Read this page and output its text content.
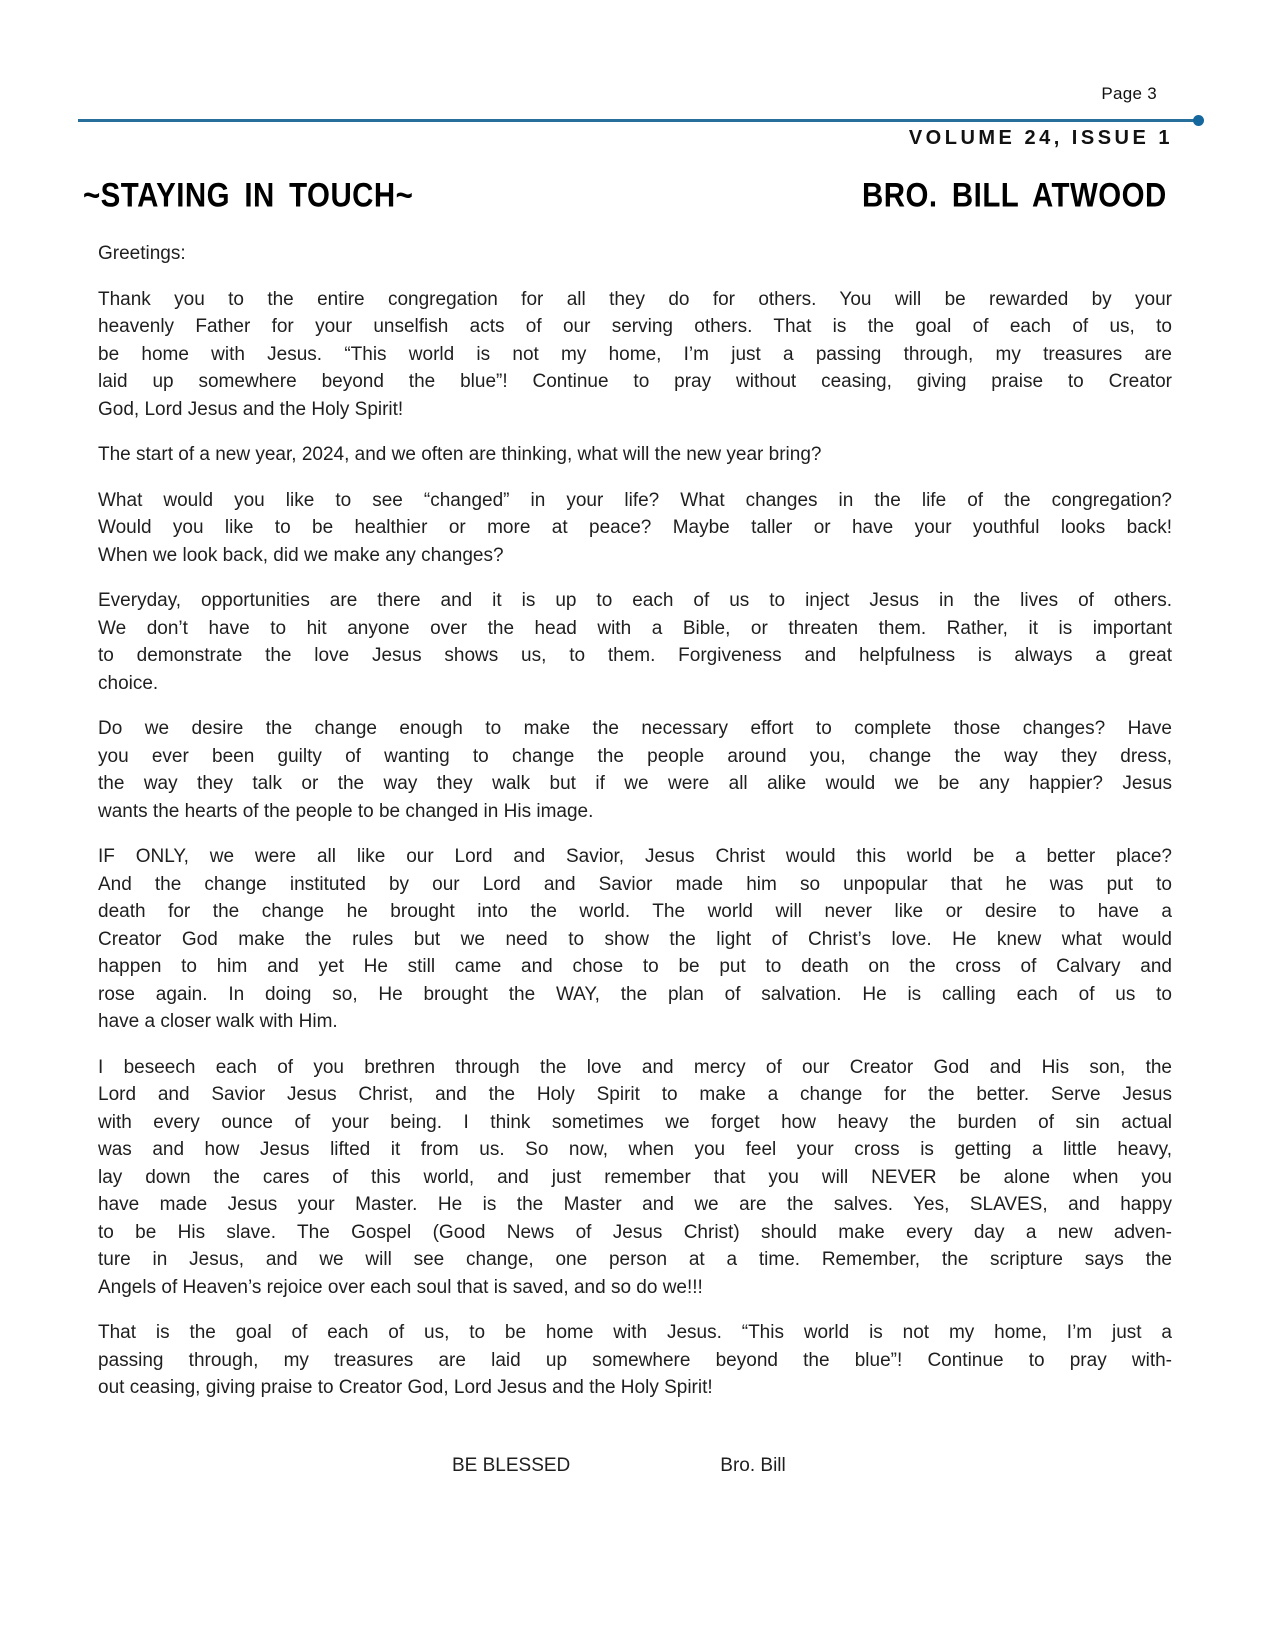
Page 3
VOLUME 24, ISSUE 1
~STAYING IN TOUCH~	BRO. BILL ATWOOD
Greetings:
Thank you to the entire congregation for all they do for others. You will be rewarded by your
heavenly Father for your unselfish acts of our serving others. That is the goal of each of us, to
be home with Jesus. “This world is not my home, I’m just a passing through, my treasures are
laid up somewhere beyond the blue”! Continue to pray without ceasing, giving praise to Creator
God, Lord Jesus and the Holy Spirit!
The start of a new year, 2024, and we often are thinking, what will the new year bring?
What would you like to see “changed” in your life? What changes in the life of the congregation?
Would you like to be healthier or more at peace? Maybe taller or have your youthful looks back!
When we look back, did we make any changes?
Everyday, opportunities are there and it is up to each of us to inject Jesus in the lives of others.
We don’t have to hit anyone over the head with a Bible, or threaten them. Rather, it is important
to demonstrate the love Jesus shows us, to them. Forgiveness and helpfulness is always a great
choice.
Do we desire the change enough to make the necessary effort to complete those changes? Have
you ever been guilty of wanting to change the people around you, change the way they dress,
the way they talk or the way they walk but if we were all alike would we be any happier? Jesus
wants the hearts of the people to be changed in His image.
IF ONLY, we were all like our Lord and Savior, Jesus Christ would this world be a better place?
And the change instituted by our Lord and Savior made him so unpopular that he was put to
death for the change he brought into the world. The world will never like or desire to have a
Creator God make the rules but we need to show the light of Christ’s love. He knew what would
happen to him and yet He still came and chose to be put to death on the cross of Calvary and
rose again. In doing so, He brought the WAY, the plan of salvation. He is calling each of us to
have a closer walk with Him.
I beseech each of you brethren through the love and mercy of our Creator God and His son, the
Lord and Savior Jesus Christ, and the Holy Spirit to make a change for the better. Serve Jesus
with every ounce of your being. I think sometimes we forget how heavy the burden of sin actual
was and how Jesus lifted it from us. So now, when you feel your cross is getting a little heavy,
lay down the cares of this world, and just remember that you will NEVER be alone when you
have made Jesus your Master. He is the Master and we are the salves. Yes, SLAVES, and happy
to be His slave. The Gospel (Good News of Jesus Christ) should make every day a new adven-
ture in Jesus, and we will see change, one person at a time. Remember, the scripture says the
Angels of Heaven’s rejoice over each soul that is saved, and so do we!!!
That is the goal of each of us, to be home with Jesus. “This world is not my home, I’m just a
passing through, my treasures are laid up somewhere beyond the blue”! Continue to pray with-
out ceasing, giving praise to Creator God, Lord Jesus and the Holy Spirit!
BE BLESSED	Bro. Bill
